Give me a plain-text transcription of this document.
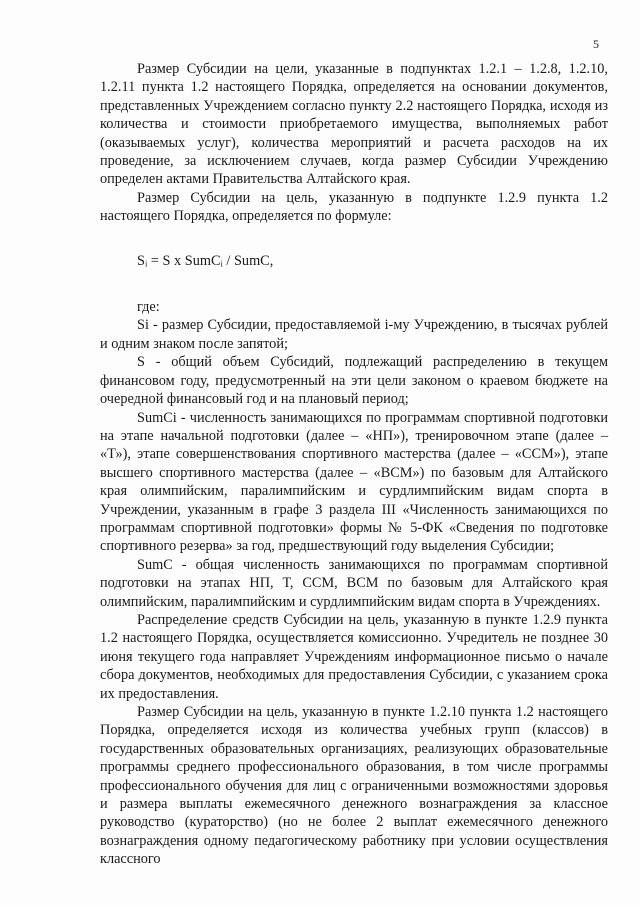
5

Размер Субсидии на цели, указанные в подпунктах 1.2.1 – 1.2.8, 1.2.10, 1.2.11 пункта 1.2 настоящего Порядка, определяется на основании документов, представленных Учреждением согласно пункту 2.2 настоящего Порядка, исходя из количества и стоимости приобретаемого имущества, выполняемых работ (оказываемых услуг), количества мероприятий и расчета расходов на их проведение, за исключением случаев, когда размер Субсидии Учреждению определен актами Правительства Алтайского края.

Размер Субсидии на цель, указанную в подпункте 1.2.9 пункта 1.2 настоящего Порядка, определяется по формуле:

Sᵢ = S x SumCᵢ / SumC,

где:

Si - размер Субсидии, предоставляемой i-му Учреждению, в тысячах рублей и одним знаком после запятой;

S - общий объем Субсидий, подлежащий распределению в текущем финансовом году, предусмотренный на эти цели законом о краевом бюджете на очередной финансовый год и на плановый период;

SumCi - численность занимающихся по программам спортивной подготовки на этапе начальной подготовки (далее – «НП»), тренировочном этапе (далее – «Т»), этапе совершенствования спортивного мастерства (далее – «ССМ»), этапе высшего спортивного мастерства (далее – «ВСМ») по базовым для Алтайского края олимпийским, паралимпийским и сурдлимпийским видам спорта в Учреждении, указанным в графе 3 раздела III «Численность занимающихся по программам спортивной подготовки» формы № 5-ФК «Сведения по подготовке спортивного резерва» за год, предшествующий году выделения Субсидии;

SumC - общая численность занимающихся по программам спортивной подготовки на этапах НП, Т, ССМ, ВСМ по базовым для Алтайского края олимпийским, паралимпийским и сурдлимпийским видам спорта в Учреждениях.

Распределение средств Субсидии на цель, указанную в пункте 1.2.9 пункта 1.2 настоящего Порядка, осуществляется комиссионно. Учредитель не позднее 30 июня текущего года направляет Учреждениям информационное письмо о начале сбора документов, необходимых для предоставления Субсидии, с указанием срока их предоставления.

Размер Субсидии на цель, указанную в пункте 1.2.10 пункта 1.2 настоящего Порядка, определяется исходя из количества учебных групп (классов) в государственных образовательных организациях, реализующих образовательные программы среднего профессионального образования, в том числе программы профессионального обучения для лиц с ограниченными возможностями здоровья и размера выплаты ежемесячного денежного вознаграждения за классное руководство (кураторство) (но не более 2 выплат ежемесячного денежного вознаграждения одному педагогическому работнику при условии осуществления классного
